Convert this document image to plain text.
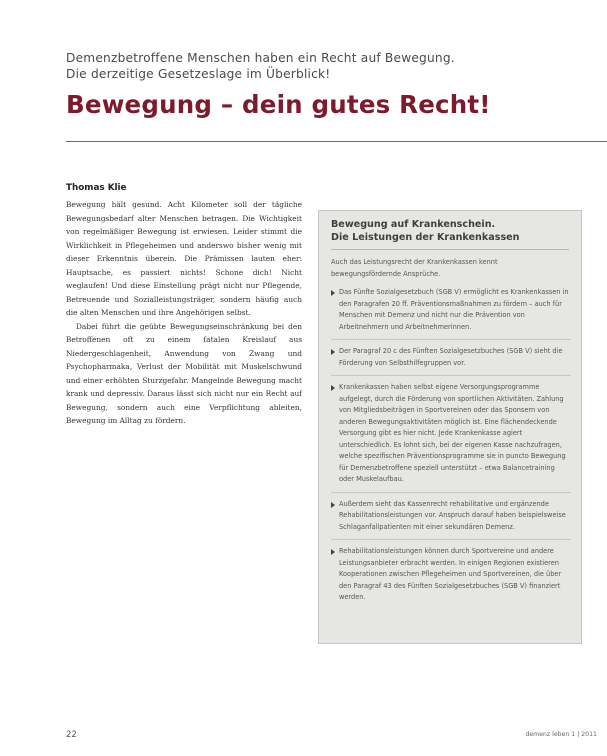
Demenzbetroffene Menschen haben ein Recht auf Bewegung.
Die derzeitige Gesetzeslage im Überblick!
Bewegung – dein gutes Recht!
Thomas Klie

Bewegung hält gesund. Acht Kilometer soll der tägliche Bewegungsbedarf alter Menschen betragen. Die Wichtigkeit von regelmäßiger Bewegung ist erwiesen. Leider stimmt die Wirklichkeit in Pflegeheimen und anderswo bisher wenig mit dieser Erkenntnis überein. Die Prämissen lauten eher: Hauptsache, es passiert nichts! Schone dich! Nicht weglaufen! Und diese Einstellung prägt nicht nur Pflegende, Betreuende und Sozialleistungsträger, sondern häufig auch die alten Menschen und ihre Angehörigen selbst.

Dabei führt die geübte Bewegungseinschränkung bei den Betroffenen oft zu einem fatalen Kreislauf aus Niedergeschlagenheit, Anwendung von Zwang und Psychopharmaka, Verlust der Mobilität mit Muskelschwund und einer erhöhten Sturzgefahr. Mangelnde Bewegung macht krank und depressiv. Daraus lässt sich nicht nur ein Recht auf Bewegung, sondern auch eine Verpflichtung ableiten, Bewegung im Alltag zu fördern.

Bewegung auf Krankenschein.
Die Leistungen der Krankenkassen
Auch das Leistungsrecht der Krankenkassen kennt bewegungsfördernde Ansprüche.
Das Fünfte Sozialgesetzbuch (SGB V) ermöglicht es Krankenkassen in den Paragrafen 20 ff. Präventionsmaßnahmen zu fördern – auch für Menschen mit Demenz und nicht nur die Prävention von Arbeitnehmern und Arbeitnehmerinnen.
Der Paragraf 20 c des Fünften Sozialgesetzbuches (SGB V) sieht die Förderung von Selbsthilfegruppen vor.
Krankenkassen haben selbst eigene Versorgungsprogramme aufgelegt, durch die Förderung von sportlichen Aktivitäten. Zahlung von Mitgliedsbeiträgen in Sportvereinen oder das Sponsern von anderen Bewegungsaktivitäten möglich ist. Eine flächendeckende Versorgung gibt es hier nicht. Jede Krankenkasse agiert unterschiedlich. Es lohnt sich, bei der eigenen Kasse nachzufragen, welche spezifischen Präventionsprogramme sie in puncto Bewegung für Demenzbetroffene speziell unterstützt – etwa Balancetraining oder Muskelaufbau.
Außerdem sieht das Kassenrecht rehabilitative und ergänzende Rehabilitationsleistungen vor. Anspruch darauf haben beispielsweise Schlaganfallpatienten mit einer sekundären Demenz.
Rehabilitationsleistungen können durch Sportvereine und andere Leistungsanbieter erbracht werden. In einigen Regionen existieren Kooperationen zwischen Pflegeheimen und Sportvereinen, die über den Paragraf 43 des Fünften Sozialgesetzbuches (SGB V) finanziert werden.
22	demenz leben 1 | 2011
